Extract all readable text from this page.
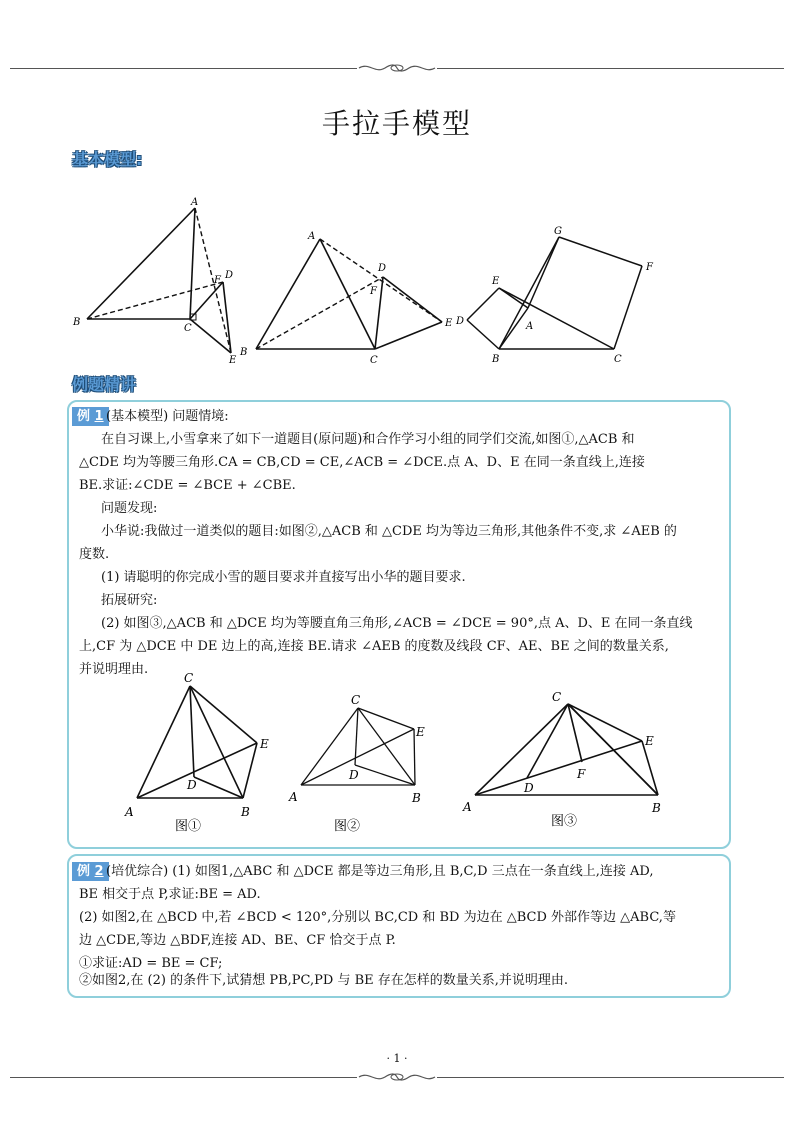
手拉手模型
基本模型:
A
B
C
D
F
E
A
B
C
D
F
E
G
F
E
A
D
B	C
例题精讲
例 1 (基本模型) 问题情境:
在自习课上,小雪拿来了如下一道题目(原问题)和合作学习小组的同学们交流,如图①,△ACB 和
△CDE 均为等腰三角形.CA = CB,CD = CE,∠ACB = ∠DCE.点 A、D、E 在同一条直线上,连接
BE.求证:∠CDE = ∠BCE + ∠CBE.
问题发现:
小华说:我做过一道类似的题目:如图②,△ACB 和 △CDE 均为等边三角形,其他条件不变,求 ∠AEB 的
度数.
(1) 请聪明的你完成小雪的题目要求并直接写出小华的题目要求.
拓展研究:
(2) 如图③,△ACB 和 △DCE 均为等腰直角三角形,∠ACB = ∠DCE = 90°,点 A、D、E 在同一条直线
上,CF 为 △DCE 中 DE 边上的高,连接 BE.请求 ∠AEB 的度数及线段 CF、AE、BE 之间的数量关系,
并说明理由.
C
E
D
A	B
图①
C
E
D
A	B
图②
C
E
F
D
A	B
图③
例 2 (培优综合) (1) 如图1,△ABC 和 △DCE 都是等边三角形,且 B,C,D 三点在一条直线上,连接 AD,
BE 相交于点 P,求证:BE = AD.
(2) 如图2,在 △BCD 中,若 ∠BCD < 120°,分别以 BC,CD 和 BD 为边在 △BCD 外部作等边 △ABC,等
边 △CDE,等边 △BDF,连接 AD、BE、CF 恰交于点 P.
①求证:AD = BE = CF;
②如图2,在 (2) 的条件下,试猜想 PB,PC,PD 与 BE 存在怎样的数量关系,并说明理由.
· 1 ·
